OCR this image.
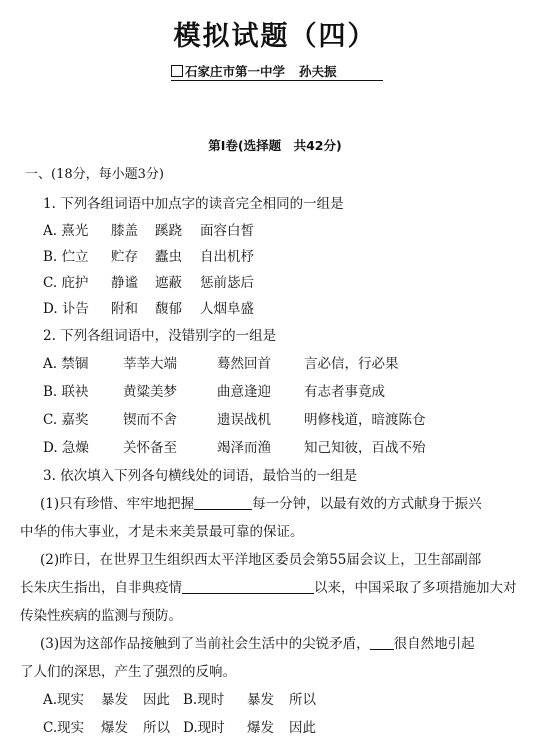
模拟试题（四）
石家庄市第一中学 孙夫振
第Ⅰ卷(选择题　共42分)
一、(18分，每小题3分)
1. 下列各组词语中加点字的读音完全相同的一组是
A. 熹光 膝盖 蹊跷 面容白皙
B. 伫立 贮存 蠹虫 自出机杼
C. 庇护 静谧 遮蔽 惩前毖后
D. 讣告 附和 馥郁 人烟阜盛
2. 下列各组词语中，没错别字的一组是
A. 禁锢	莘莘大端	蓦然回首 言必信，行必果
B. 联袂	黄粱美梦	曲意逢迎 有志者事竟成
C. 嘉奖	锲而不舍	遗误战机 明修栈道，暗渡陈仓
D. 急燥	关怀备至	竭泽而渔 知己知彼，百战不殆
3. 依次填入下列各句横线处的词语，最恰当的一组是
(1)只有珍惜、牢牢地把握	每一分钟，以最有效的方式献身于振兴
中华的伟大事业，才是未来美景最可靠的保证。
(2)昨日，在世界卫生组织西太平洋地区委员会第55届会议上，卫生部副部
长朱庆生指出，自非典疫情	以来，中国采取了多项措施加大对
传染性疾病的监测与预防。
(3)因为这部作品接触到了当前社会生活中的尖锐矛盾， 很自然地引起
了人们的深思，产生了强烈的反响。
A.现实 暴发 因此 B.现时 暴发 所以
C.现实 爆发 所以 D.现时 爆发 因此
